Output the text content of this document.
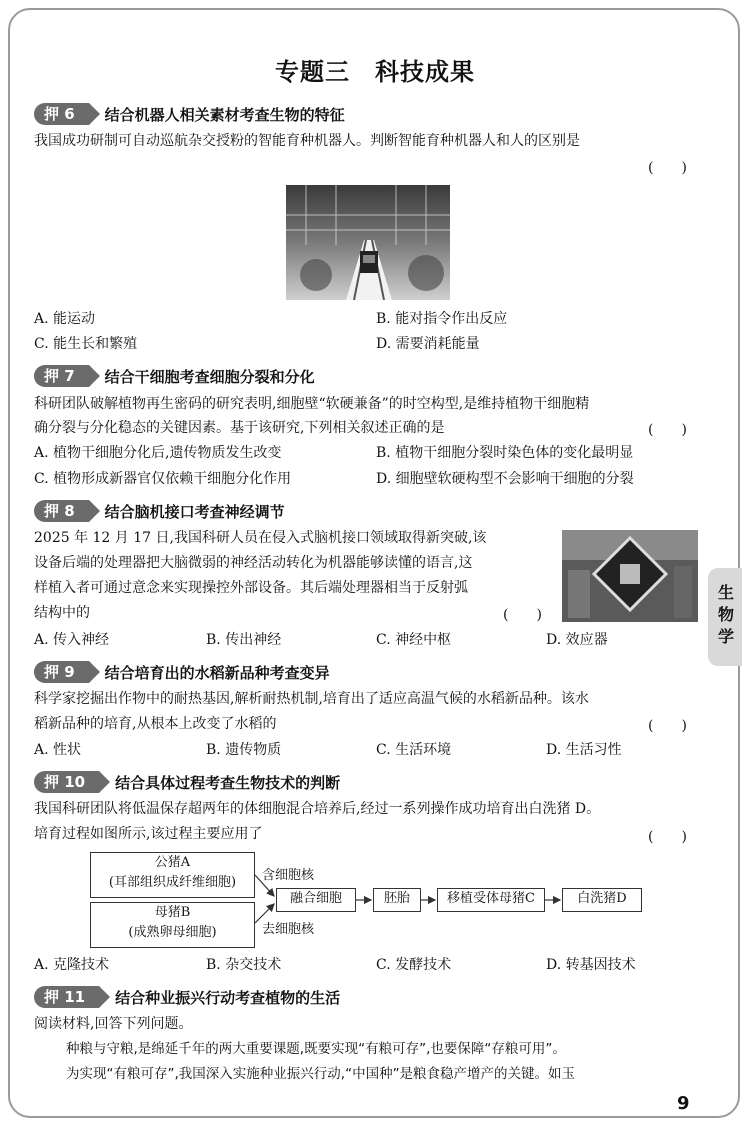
专题三　科技成果
押 6	结合机器人相关素材考查生物的特征
我国成功研制可自动巡航杂交授粉的智能育种机器人。判断智能育种机器人和人的区别是
(　　)
A. 能运动	B. 能对指令作出反应
C. 能生长和繁殖	D. 需要消耗能量
押 7	结合干细胞考查细胞分裂和分化
科研团队破解植物再生密码的研究表明,细胞壁“软硬兼备”的时空构型,是维持植物干细胞精
确分裂与分化稳态的关键因素。基于该研究,下列相关叙述正确的是	(　　)
A. 植物干细胞分化后,遗传物质发生改变	B. 植物干细胞分裂时染色体的变化最明显
C. 植物形成新器官仅依赖干细胞分化作用	D. 细胞壁软硬构型不会影响干细胞的分裂
押 8	结合脑机接口考查神经调节
2025 年 12 月 17 日,我国科研人员在侵入式脑机接口领域取得新突破,该
设备后端的处理器把大脑微弱的神经活动转化为机器能够读懂的语言,这
样植入者可通过意念来实现操控外部设备。其后端处理器相当于反射弧
结构中的	(　　)
A. 传入神经	B. 传出神经	C. 神经中枢	D. 效应器
押 9	结合培育出的水稻新品种考查变异
科学家挖掘出作物中的耐热基因,解析耐热机制,培育出了适应高温气候的水稻新品种。该水
稻新品种的培育,从根本上改变了水稻的	(　　)
A. 性状	B. 遗传物质	C. 生活环境	D. 生活习性
押 10	结合具体过程考查生物技术的判断
我国科研团队将低温保存超两年的体细胞混合培养后,经过一系列操作成功培育出白洗猪 D。
培育过程如图所示,该过程主要应用了	(　　)
公猪A
(耳部组织成纤维细胞)
母猪B
(成熟卵母细胞)
含细胞核
去细胞核
融合细胞	胚胎	移植受体母猪C	白洗猪D
A. 克隆技术	B. 杂交技术	C. 发酵技术	D. 转基因技术
押 11	结合种业振兴行动考查植物的生活
阅读材料,回答下列问题。
种粮与守粮,是绵延千年的两大重要课题,既要实现“有粮可存”,也要保障“存粮可用”。
为实现“有粮可存”,我国深入实施种业振兴行动,“中国种”是粮食稳产增产的关键。如玉
生物学
9
